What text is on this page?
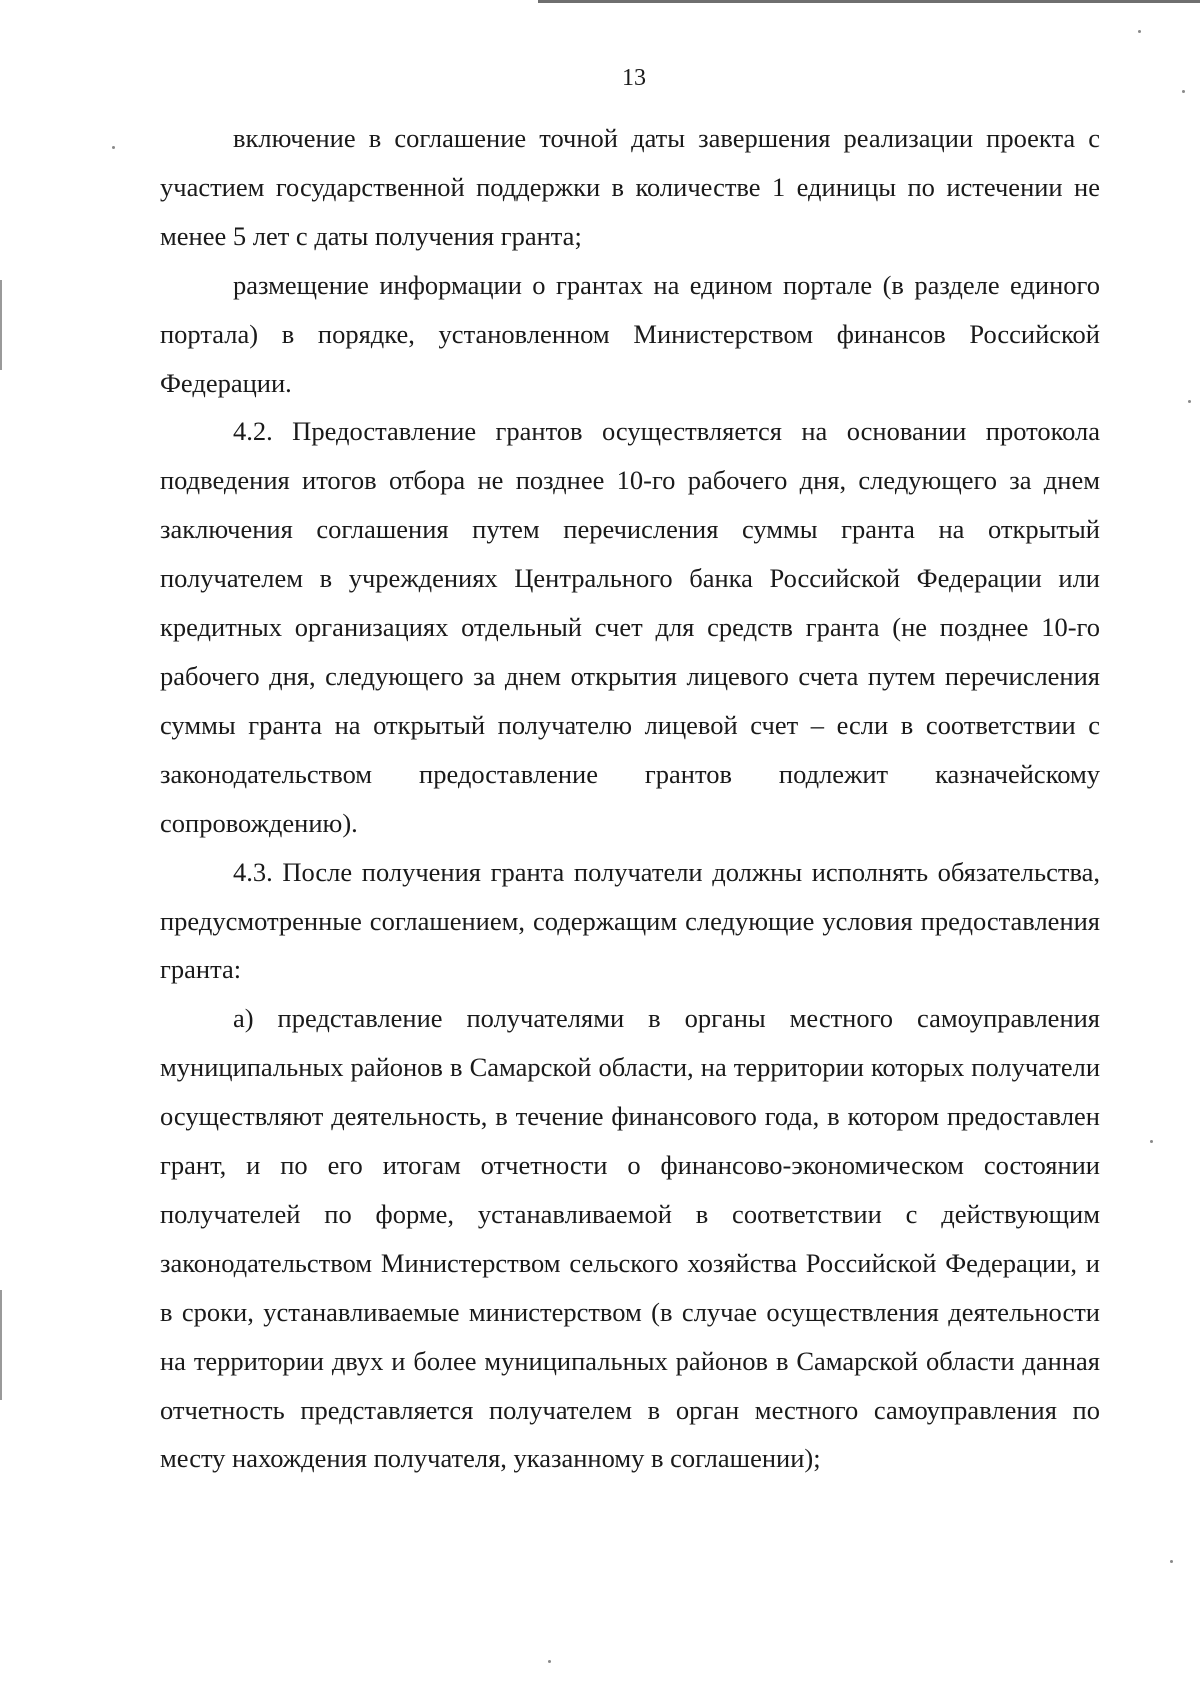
13

включение в соглашение точной даты завершения реализации проекта с участием государственной поддержки в количестве 1 единицы по истечении не менее 5 лет с даты получения гранта;

размещение информации о грантах на едином портале (в разделе единого портала) в порядке, установленном Министерством финансов Российской Федерации.

4.2. Предоставление грантов осуществляется на основании протокола подведения итогов отбора не позднее 10-го рабочего дня, следующего за днем заключения соглашения путем перечисления суммы гранта на открытый получателем в учреждениях Центрального банка Российской Федерации или кредитных организациях отдельный счет для средств гранта (не позднее 10-го рабочего дня, следующего за днем открытия лицевого счета путем перечисления суммы гранта на открытый получателю лицевой счет – если в соответствии с законодательством предоставление грантов подлежит казначейскому сопровождению).

4.3. После получения гранта получатели должны исполнять обязательства, предусмотренные соглашением, содержащим следующие условия предоставления гранта:

а) представление получателями в органы местного самоуправления муниципальных районов в Самарской области, на территории которых получатели осуществляют деятельность, в течение финансового года, в котором предоставлен грант, и по его итогам отчетности о финансово-экономическом состоянии получателей по форме, устанавливаемой в соответствии с действующим законодательством Министерством сельского хозяйства Российской Федерации, и в сроки, устанавливаемые министерством (в случае осуществления деятельности на территории двух и более муниципальных районов в Самарской области данная отчетность представляется получателем в орган местного самоуправления по месту нахождения получателя, указанному в соглашении);
